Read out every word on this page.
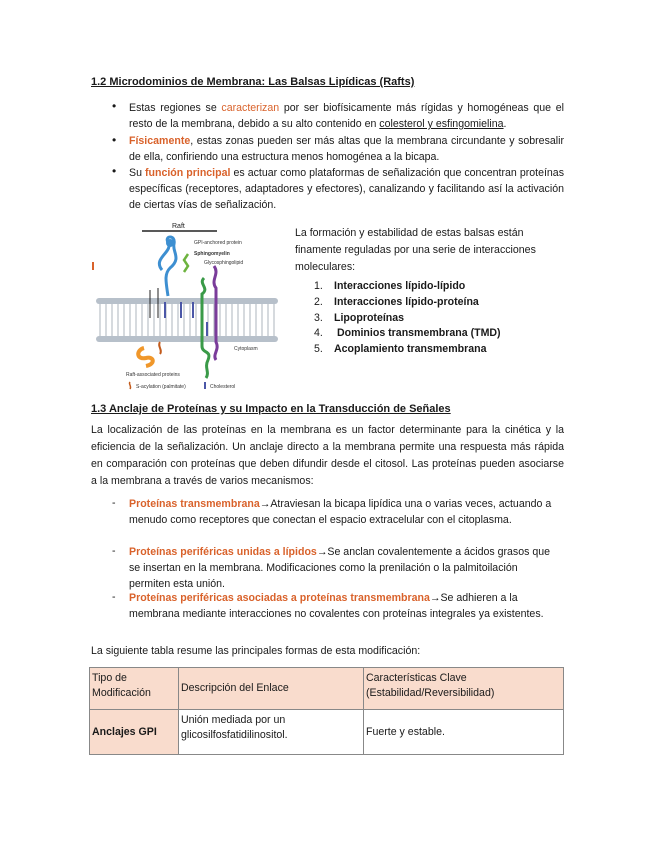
1.2 Microdominios de Membrana: Las Balsas Lipídicas (Rafts)
• Estas regiones se caracterizan por ser biofísicamente más rígidas y homogéneas que el resto de la membrana, debido a su alto contenido en colesterol y esfingomielina.

• Físicamente, estas zonas pueden ser más altas que la membrana circundante y sobresalir de ella, confiriendo una estructura menos homogénea a la bicapa.

• Su función principal es actuar como plataformas de señalización que concentran proteínas específicas (receptores, adaptadores y efectores), canalizando y facilitando así la activación de ciertas vías de señalización.

Raft
GPI-anchored protein
Sphingomyelin
Glycosphingolipid
Cytoplasm
Raft-associated proteins
S-acylation (palmitate)	Cholesterol

La formación y estabilidad de estas balsas están finamente reguladas por una serie de interacciones moleculares:

1. Interacciones lípido-lípido
2. Interacciones lípido-proteína
3. Lipoproteínas
4. Dominios transmembrana (TMD)
5. Acoplamiento transmembrana
1.3 Anclaje de Proteínas y su Impacto en la Transducción de Señales

La localización de las proteínas en la membrana es un factor determinante para la cinética y la eficiencia de la señalización. Un anclaje directo a la membrana permite una respuesta más rápida en comparación con proteínas que deben difundir desde el citosol. Las proteínas pueden asociarse a la membrana a través de varios mecanismos:

- Proteínas transmembrana→Atraviesan la bicapa lipídica una o varias veces, actuando a menudo como receptores que conectan el espacio extracelular con el citoplasma.

- Proteínas periféricas unidas a lípidos→Se anclan covalentemente a ácidos grasos que se insertan en la membrana. Modificaciones como la prenilación o la palmitoilación permiten esta unión.

- Proteínas periféricas asociadas a proteínas transmembrana→Se adhieren a la membrana mediante interacciones no covalentes con proteínas integrales ya existentes.

La siguiente tabla resume las principales formas de esta modificación:

Tipo de Modificación	Descripción del Enlace	Características Clave (Estabilidad/Reversibilidad)
Anclajes GPI	Unión mediada por un glicosilfosfatidilinositol.	Fuerte y estable.
